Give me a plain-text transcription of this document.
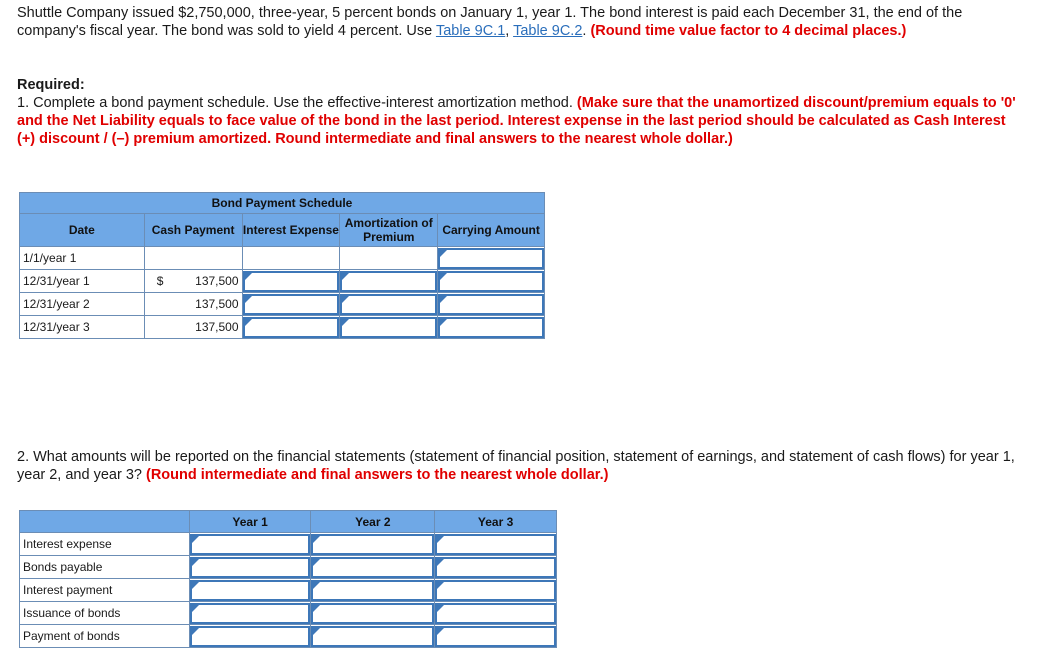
Shuttle Company issued $2,750,000, three-year, 5 percent bonds on January 1, year 1. The bond interest is paid each December 31, the end of the company's fiscal year. The bond was sold to yield 4 percent. Use Table 9C.1, Table 9C.2. (Round time value factor to 4 decimal places.)

Required:

1. Complete a bond payment schedule. Use the effective-interest amortization method. (Make sure that the unamortized discount/premium equals to '0' and the Net Liability equals to face value of the bond in the last period. Interest expense in the last period should be calculated as Cash Interest (+) discount / (–) premium amortized. Round intermediate and final answers to the nearest whole dollar.)

Bond Payment Schedule				
Date	Cash Payment	Interest Expense	Amortization of Premium	Carrying Amount
1/1/year 1				

12/31/year 1	$ 137,500			

12/31/year 2	137,500	

12/31/year 3	137,500	

2. What amounts will be reported on the financial statements (statement of financial position, statement of earnings, and statement of cash flows) for year 1, year 2, and year 3? (Round intermediate and final answers to the nearest whole dollar.)

	Year 1	Year 2	Year 3
Interest expense	

Bonds payable	

Interest payment	

Issuance of bonds	

Payment of bonds	
